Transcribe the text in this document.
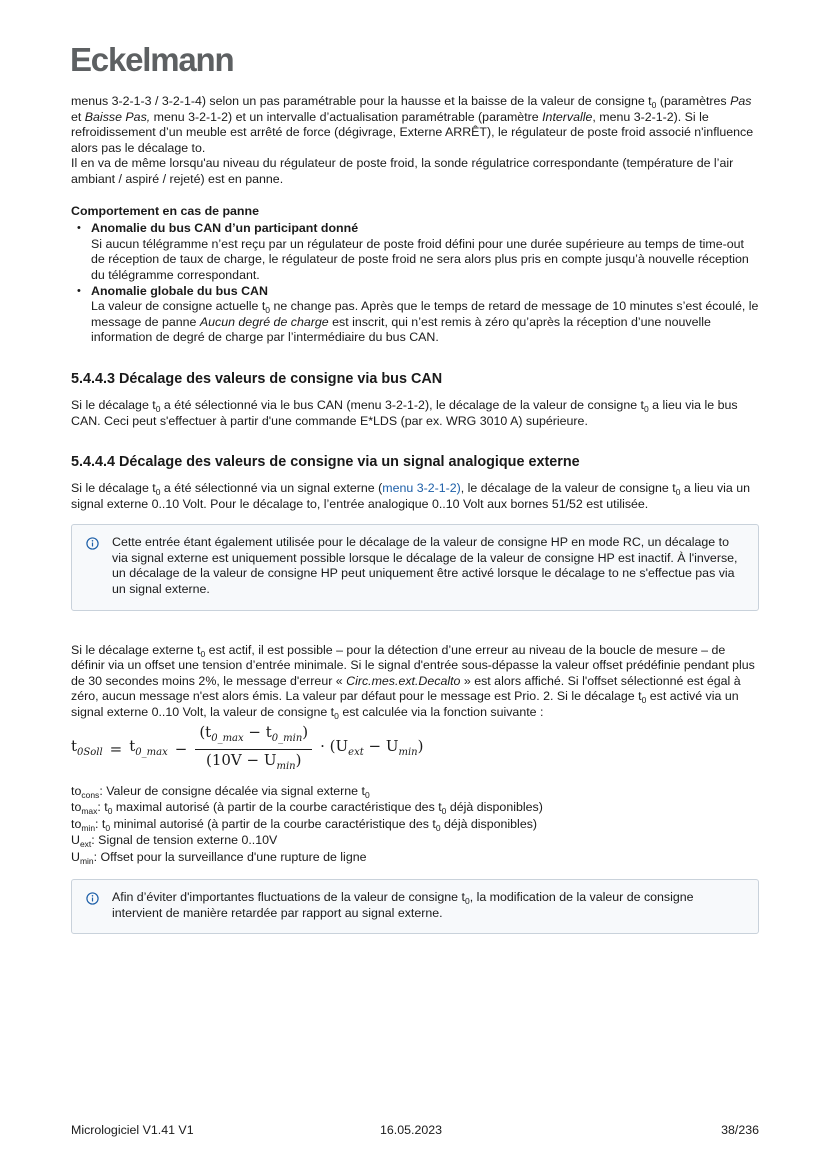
Eckelmann

menus 3-2-1-3 / 3-2-1-4) selon un pas paramétrable pour la hausse et la baisse de la valeur de consigne $t_0$ (paramètres Pas et Baisse Pas, menu 3-2-1-2) et un intervalle d’actualisation paramétrable (paramètre Intervalle, menu 3-2-1-2). Si le refroidissement d’un meuble est arrêté de force (dégivrage, Externe ARRÊT), le régulateur de poste froid associé n'influence alors pas le décalage to.

Il en va de même lorsqu'au niveau du régulateur de poste froid, la sonde régulatrice correspondante (température de l’air ambiant / aspiré / rejeté) est en panne.

Comportement en cas de panne

• Anomalie du bus CAN d’un participant donné
Si aucun télégramme n’est reçu par un régulateur de poste froid défini pour une durée supérieure au temps de time-out de réception de taux de charge, le régulateur de poste froid ne sera alors plus pris en compte jusqu’à nouvelle réception du télégramme correspondant.
• Anomalie globale du bus CAN
La valeur de consigne actuelle $t_0$ ne change pas. Après que le temps de retard de message de 10 minutes s’est écoulé, le message de panne Aucun degré de charge est inscrit, qui n’est remis à zéro qu’après la réception d’une nouvelle information de degré de charge par l’intermédiaire du bus CAN.
5.4.4.3 Décalage des valeurs de consigne via bus CAN

Si le décalage $t_0$ a été sélectionné via le bus CAN (menu 3-2-1-2), le décalage de la valeur de consigne $t_0$ a lieu via le bus CAN. Ceci peut s'effectuer à partir d'une commande E*LDS (par ex. WRG 3010 A) supérieure.

5.4.4.4 Décalage des valeurs de consigne via un signal analogique externe

Si le décalage $t_0$ a été sélectionné via un signal externe (menu 3-2-1-2), le décalage de la valeur de consigne $t_0$ a lieu via un signal externe 0..10 Volt. Pour le décalage to, l’entrée analogique 0..10 Volt aux bornes 51/52 est utilisée.

Cette entrée étant également utilisée pour le décalage de la valeur de consigne HP en mode RC, un décalage to via signal externe est uniquement possible lorsque le décalage de la valeur de consigne HP est inactif. À l'inverse, un décalage de la valeur de consigne HP peut uniquement être activé lorsque le décalage to ne s'effectue pas via un signal externe.

Si le décalage externe $t_0$ est actif, il est possible – pour la détection d’une erreur au niveau de la boucle de mesure – de définir via un offset une tension d’entrée minimale. Si le signal d'entrée sous-dépasse la valeur offset prédéfinie pendant plus de 30 secondes moins 2%, le message d'erreur « Circ.mes.ext.Decalto » est alors affiché. Si l'offset sélectionné est égal à zéro, aucun message n'est alors émis. La valeur par défaut pour le message est Prio. 2. Si le décalage $t_0$ est activé via un signal externe 0..10 Volt, la valeur de consigne $t_0$ est calculée via la fonction suivante :

$t_{0Soll} = t_{0\_max} - \frac{(t_{0\_max} - t_{0\_min})}{(10V - U_{min})} \cdot (U_{ext} - U_{min})$

$to_{cons}$: Valeur de consigne décalée via signal externe $t_0$

$to_{max}$: $t_0$ maximal autorisé (à partir de la courbe caractéristique des $t_0$ déjà disponibles)

$to_{min}$: $t_0$ minimal autorisé (à partir de la courbe caractéristique des $t_0$ déjà disponibles)

$U_{ext}$: Signal de tension externe 0..10V

$U_{min}$: Offset pour la surveillance d'une rupture de ligne

Afin d’éviter d'importantes fluctuations de la valeur de consigne $t_0$, la modification de la valeur de consigne intervient de manière retardée par rapport au signal externe.

Micrologiciel V1.41 V1	16.05.2023	38/236
